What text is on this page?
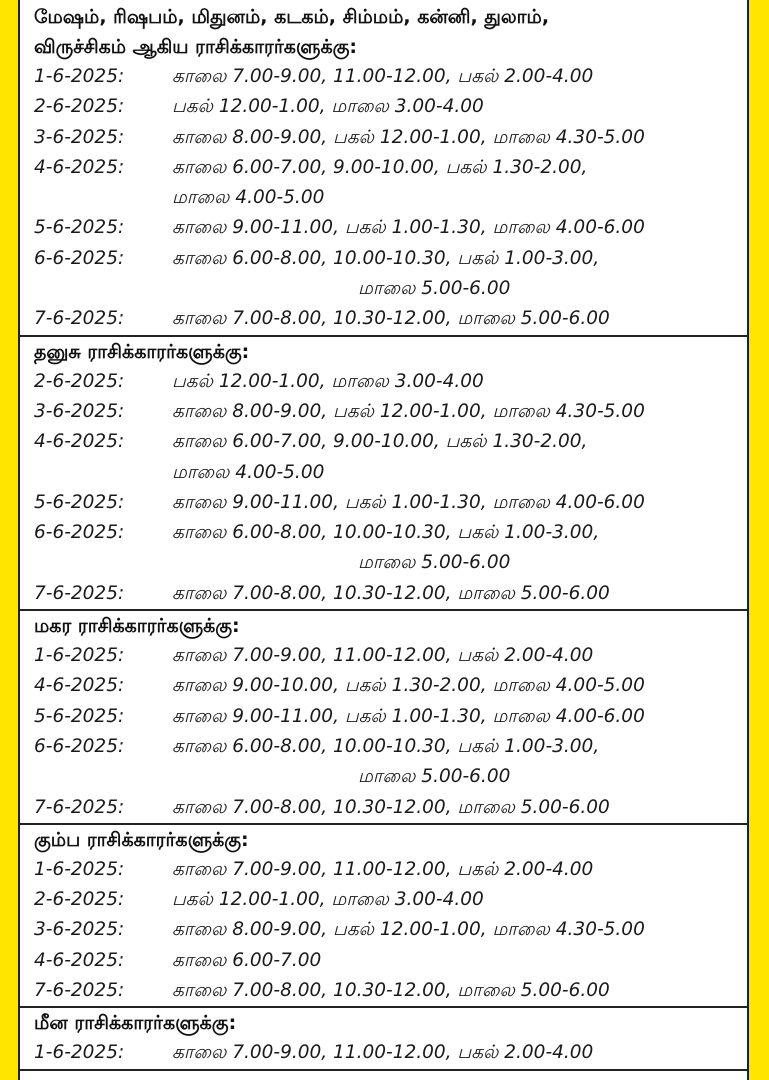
மேஷம், ரிஷபம், மிதுனம், கடகம், சிம்மம், கன்னி, துலாம்,
விருச்சிகம் ஆகிய ராசிக்காரர்களுக்கு:
1-6-2025:	காலை 7.00-9.00, 11.00-12.00, பகல் 2.00-4.00
2-6-2025:	பகல் 12.00-1.00, மாலை 3.00-4.00
3-6-2025:	காலை 8.00-9.00, பகல் 12.00-1.00, மாலை 4.30-5.00
4-6-2025:	காலை 6.00-7.00, 9.00-10.00, பகல் 1.30-2.00,
மாலை 4.00-5.00
5-6-2025:	காலை 9.00-11.00, பகல் 1.00-1.30, மாலை 4.00-6.00
6-6-2025:	காலை 6.00-8.00, 10.00-10.30, பகல் 1.00-3.00,
மாலை 5.00-6.00
7-6-2025:	காலை 7.00-8.00, 10.30-12.00, மாலை 5.00-6.00
தனுசு ராசிக்காரர்களுக்கு:
2-6-2025:	பகல் 12.00-1.00, மாலை 3.00-4.00
3-6-2025:	காலை 8.00-9.00, பகல் 12.00-1.00, மாலை 4.30-5.00
4-6-2025:	காலை 6.00-7.00, 9.00-10.00, பகல் 1.30-2.00,
மாலை 4.00-5.00
5-6-2025:	காலை 9.00-11.00, பகல் 1.00-1.30, மாலை 4.00-6.00
6-6-2025:	காலை 6.00-8.00, 10.00-10.30, பகல் 1.00-3.00,
மாலை 5.00-6.00
7-6-2025:	காலை 7.00-8.00, 10.30-12.00, மாலை 5.00-6.00
மகர ராசிக்காரர்களுக்கு:
1-6-2025:	காலை 7.00-9.00, 11.00-12.00, பகல் 2.00-4.00
4-6-2025:	காலை 9.00-10.00, பகல் 1.30-2.00, மாலை 4.00-5.00
5-6-2025:	காலை 9.00-11.00, பகல் 1.00-1.30, மாலை 4.00-6.00
6-6-2025:	காலை 6.00-8.00, 10.00-10.30, பகல் 1.00-3.00,
மாலை 5.00-6.00
7-6-2025:	காலை 7.00-8.00, 10.30-12.00, மாலை 5.00-6.00
கும்ப ராசிக்காரர்களுக்கு:
1-6-2025:	காலை 7.00-9.00, 11.00-12.00, பகல் 2.00-4.00
2-6-2025:	பகல் 12.00-1.00, மாலை 3.00-4.00
3-6-2025:	காலை 8.00-9.00, பகல் 12.00-1.00, மாலை 4.30-5.00
4-6-2025:	காலை 6.00-7.00
7-6-2025:	காலை 7.00-8.00, 10.30-12.00, மாலை 5.00-6.00
மீன ராசிக்காரர்களுக்கு:
1-6-2025:	காலை 7.00-9.00, 11.00-12.00, பகல் 2.00-4.00
